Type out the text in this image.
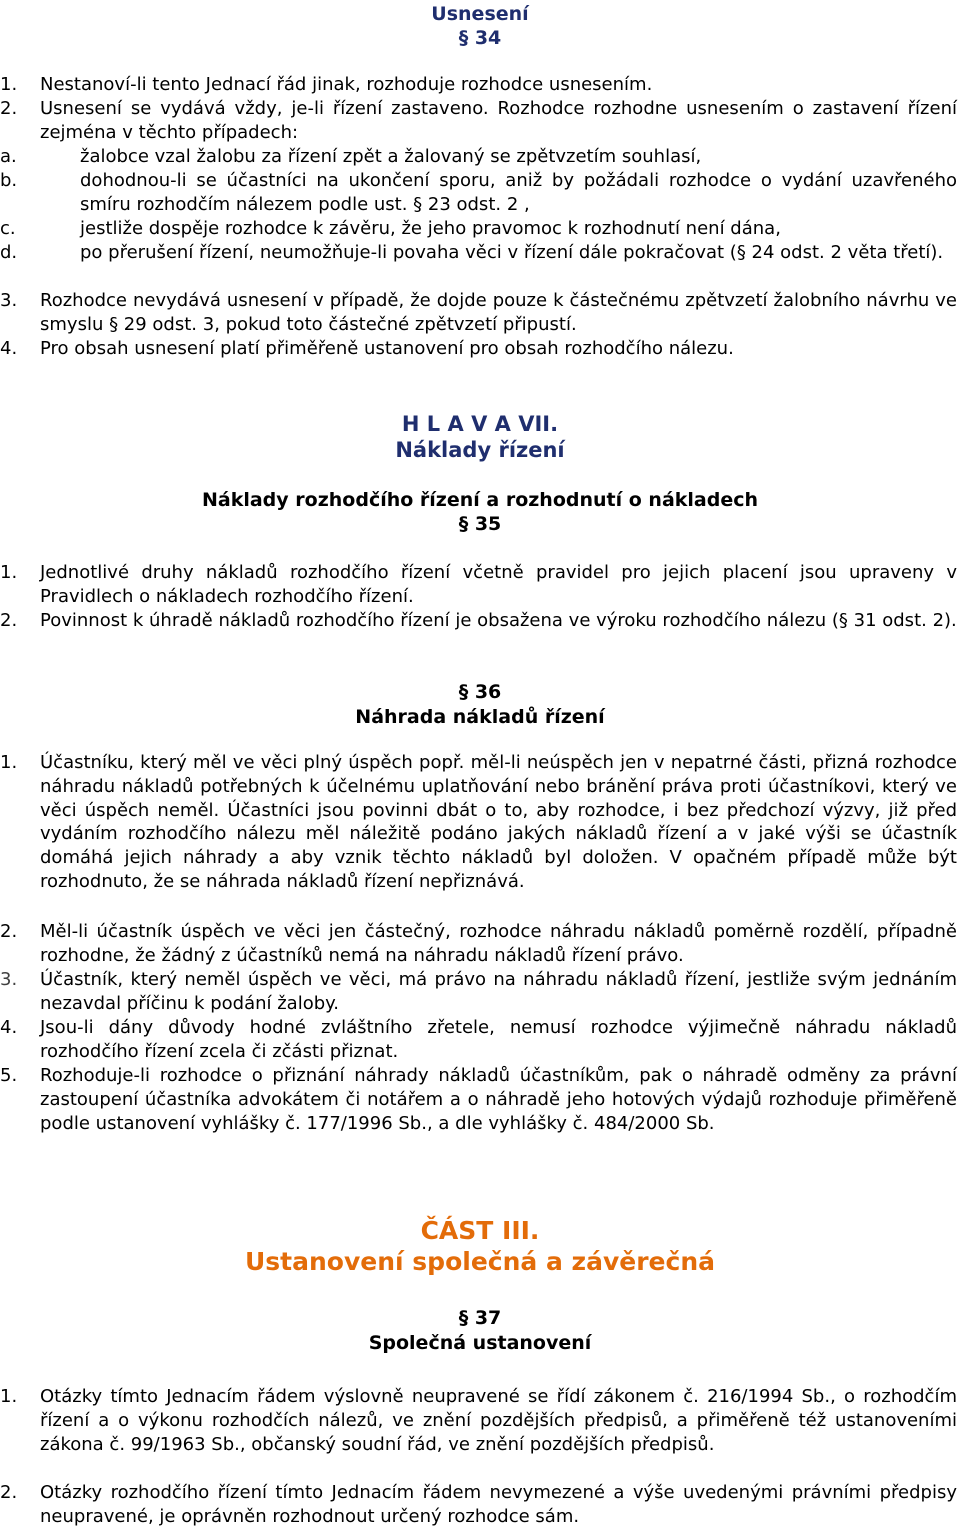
Usnesení
§ 34
1. Nestanoví-li tento Jednací řád jinak, rozhoduje rozhodce usnesením.
2. Usnesení se vydává vždy, je-li řízení zastaveno. Rozhodce rozhodne usnesením o zastavení řízení zejména v těchto případech:
a.	žalobce vzal žalobu za řízení zpět a žalovaný se zpětvzetím souhlasí,
b.	dohodnou-li se účastníci na ukončení sporu, aniž by požádali rozhodce o vydání uzavřeného smíru rozhodčím nálezem podle ust. § 23 odst. 2 ,
c.	jestliže dospěje rozhodce k závěru, že jeho pravomoc k rozhodnutí není dána,
d.	po přerušení řízení, neumožňuje-li povaha věci v řízení dále pokračovat (§ 24 odst. 2 věta třetí).
3. Rozhodce nevydává usnesení v případě, že dojde pouze k částečnému zpětvzetí žalobního návrhu ve smyslu § 29 odst. 3, pokud toto částečné zpětvzetí připustí.
4. Pro obsah usnesení platí přiměřeně ustanovení pro obsah rozhodčího nálezu.
H L A V A VII.
Náklady řízení
Náklady rozhodčího řízení a rozhodnutí o nákladech
§ 35
1. Jednotlivé druhy nákladů rozhodčího řízení včetně pravidel pro jejich placení jsou upraveny v Pravidlech o nákladech rozhodčího řízení.
2. Povinnost k úhradě nákladů rozhodčího řízení je obsažena ve výroku rozhodčího nálezu (§ 31 odst. 2).
§ 36
Náhrada nákladů řízení
1. Účastníku, který měl ve věci plný úspěch popř. měl-li neúspěch jen v nepatrné části, přizná rozhodce náhradu nákladů potřebných k účelnému uplatňování nebo bránění práva proti účastníkovi, který ve věci úspěch neměl. Účastníci jsou povinni dbát o to, aby rozhodce, i bez předchozí výzvy, již před vydáním rozhodčího nálezu měl náležitě podáno jakých nákladů řízení a v jaké výši se účastník domáhá jejich náhrady a aby vznik těchto nákladů byl doložen. V opačném případě může být rozhodnuto, že se náhrada nákladů řízení nepřiznává.
2. Měl-li účastník úspěch ve věci jen částečný, rozhodce náhradu nákladů poměrně rozdělí, případně rozhodne, že žádný z účastníků nemá na náhradu nákladů řízení právo.
3. Účastník, který neměl úspěch ve věci, má právo na náhradu nákladů řízení, jestliže svým jednáním nezavdal příčinu k podání žaloby.
4. Jsou-li dány důvody hodné zvláštního zřetele, nemusí rozhodce výjimečně náhradu nákladů rozhodčího řízení zcela či zčásti přiznat.
5. Rozhoduje-li rozhodce o přiznání náhrady nákladů účastníkům, pak o náhradě odměny za právní zastoupení účastníka advokátem či notářem a o náhradě jeho hotových výdajů rozhoduje přiměřeně podle ustanovení vyhlášky č. 177/1996 Sb., a dle vyhlášky č. 484/2000 Sb.
ČÁST III.
Ustanovení společná a závěrečná
§ 37
Společná ustanovení
1. Otázky tímto Jednacím řádem výslovně neupravené se řídí zákonem č. 216/1994 Sb., o rozhodčím řízení a o výkonu rozhodčích nálezů, ve znění pozdějších předpisů, a přiměřeně též ustanoveními zákona č. 99/1963 Sb., občanský soudní řád, ve znění pozdějších předpisů.
2. Otázky rozhodčího řízení tímto Jednacím řádem nevymezené a výše uvedenými právními předpisy neupravené, je oprávněn rozhodnout určený rozhodce sám.
